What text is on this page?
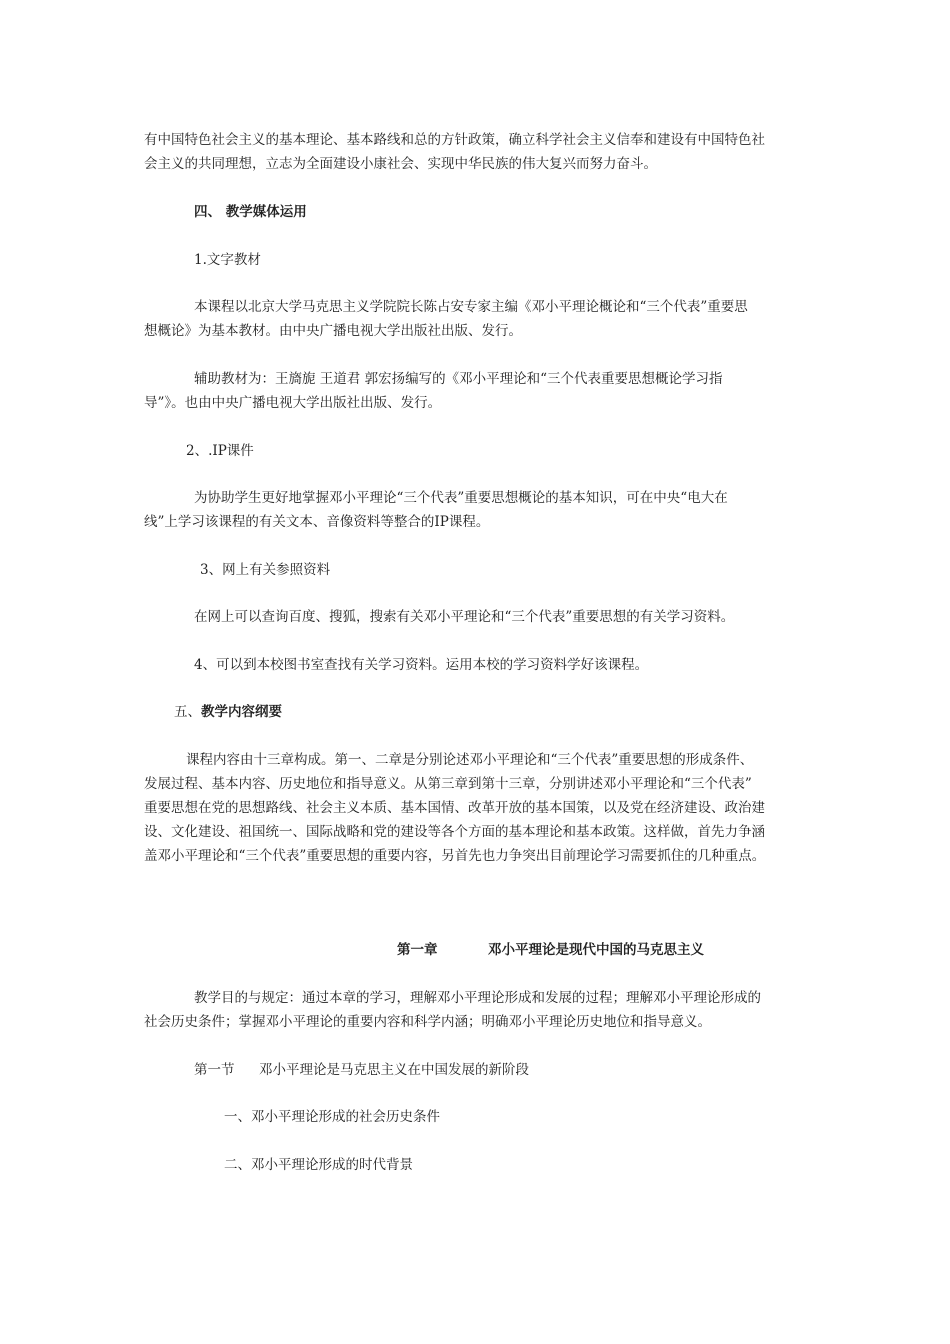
有中国特色社会主义的基本理论、基本路线和总的方针政策，确立科学社会主义信奉和建设有中国特色社
会主义的共同理想，立志为全面建设小康社会、实现中华民族的伟大复兴而努力奋斗。
四、 教学媒体运用
1.文字教材
本课程以北京大学马克思主义学院院长陈占安专家主编《邓小平理论概论和“三个代表”重要思
想概论》为基本教材。由中央广播电视大学出版社出版、发行。
辅助教材为：王旖旎 王道君 郭宏扬编写的《邓小平理论和“三个代表重要思想概论学习指
导”》。也由中央广播电视大学出版社出版、发行。
2、.IP课件
为协助学生更好地掌握邓小平理论“三个代表”重要思想概论的基本知识，可在中央“电大在
线”上学习该课程的有关文本、音像资料等整合的IP课程。
3、网上有关参照资料
在网上可以查询百度、搜狐，搜索有关邓小平理论和“三个代表”重要思想的有关学习资料。
4、可以到本校图书室查找有关学习资料。运用本校的学习资料学好该课程。
五、教学内容纲要
课程内容由十三章构成。第一、二章是分别论述邓小平理论和“三个代表”重要思想的形成条件、
发展过程、基本内容、历史地位和指导意义。从第三章到第十三章，分别讲述邓小平理论和“三个代表”
重要思想在党的思想路线、社会主义本质、基本国情、改革开放的基本国策，以及党在经济建设、政治建
设、文化建设、祖国统一、国际战略和党的建设等各个方面的基本理论和基本政策。这样做，首先力争涵
盖邓小平理论和“三个代表”重要思想的重要内容，另首先也力争突出目前理论学习需要抓住的几种重点。
第一章	邓小平理论是现代中国的马克思主义
教学目的与规定：通过本章的学习，理解邓小平理论形成和发展的过程；理解邓小平理论形成的
社会历史条件；掌握邓小平理论的重要内容和科学内涵；明确邓小平理论历史地位和指导意义。
第一节 邓小平理论是马克思主义在中国发展的新阶段
一、邓小平理论形成的社会历史条件
二、邓小平理论形成的时代背景
